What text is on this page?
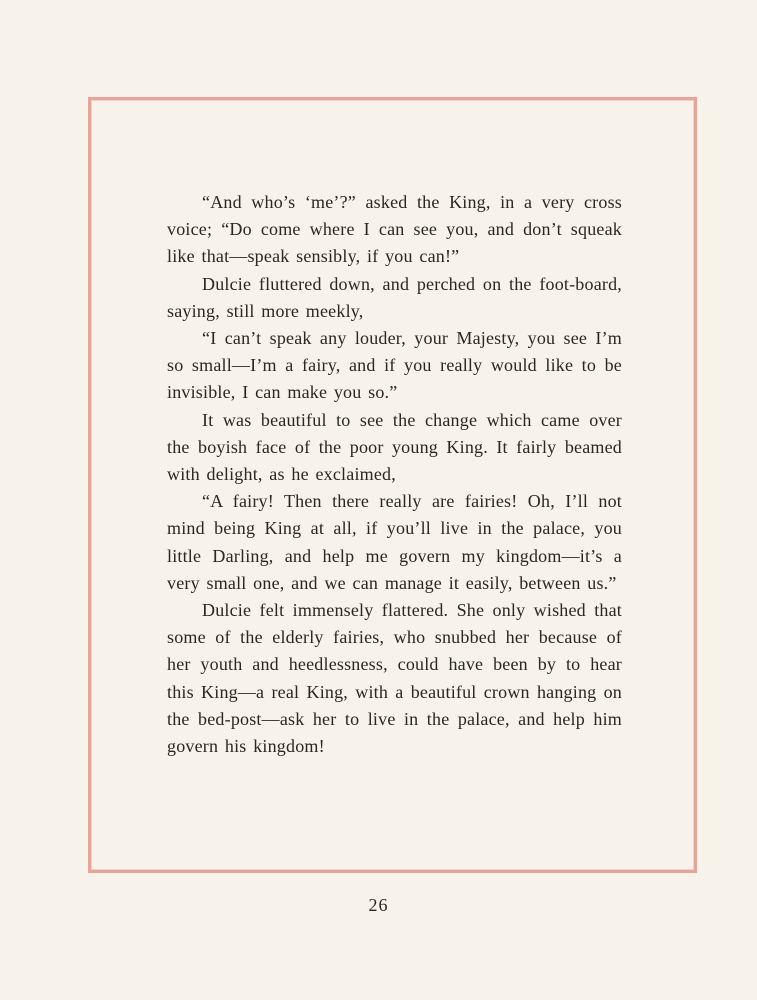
“And who’s ‘me’?” asked the King, in a very cross voice; “Do come where I can see you, and don’t squeak like that—speak sensibly, if you can!”

Dulcie fluttered down, and perched on the foot-board, saying, still more meekly,

“I can’t speak any louder, your Majesty, you see I’m so small—I’m a fairy, and if you really would like to be invisible, I can make you so.”

It was beautiful to see the change which came over the boyish face of the poor young King. It fairly beamed with delight, as he exclaimed,

“A fairy! Then there really are fairies! Oh, I’ll not mind being King at all, if you’ll live in the palace, you little Darling, and help me govern my kingdom—it’s a very small one, and we can manage it easily, between us.”

Dulcie felt immensely flattered. She only wished that some of the elderly fairies, who snubbed her because of her youth and heedlessness, could have been by to hear this King—a real King, with a beautiful crown hanging on the bed-post—ask her to live in the palace, and help him govern his kingdom!

26
